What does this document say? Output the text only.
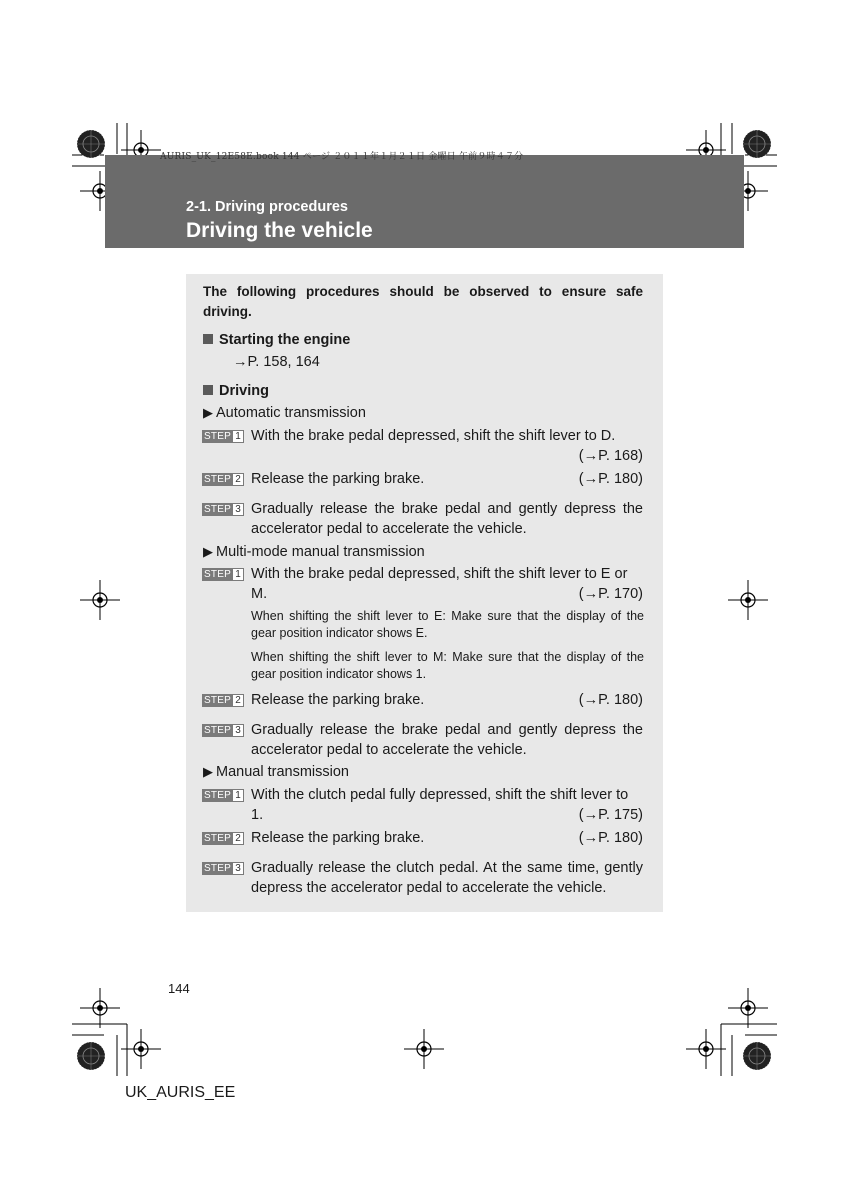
AURIS_UK_12E58E.book 144 ページ ２０１１年１月２１日 金曜日 午前９時４７分
2-1. Driving procedures
Driving the vehicle
The following procedures should be observed to ensure safe driving.
Starting the engine
→P. 158, 164
Driving
▶ Automatic transmission
STEP 1 With the brake pedal depressed, shift the shift lever to D.
(→P. 168)
STEP 2 Release the parking brake.	(→P. 180)
STEP 3 Gradually release the brake pedal and gently depress the accelerator pedal to accelerate the vehicle.
▶ Multi-mode manual transmission
STEP 1 With the brake pedal depressed, shift the shift lever to E or
M.	(→P. 170)
When shifting the shift lever to E: Make sure that the display of the gear position indicator shows E.
When shifting the shift lever to M: Make sure that the display of the gear position indicator shows 1.
STEP 2 Release the parking brake.	(→P. 180)
STEP 3 Gradually release the brake pedal and gently depress the accelerator pedal to accelerate the vehicle.
▶ Manual transmission
STEP 1 With the clutch pedal fully depressed, shift the shift lever to
1.	(→P. 175)
STEP 2 Release the parking brake.	(→P. 180)
STEP 3 Gradually release the clutch pedal. At the same time, gently depress the accelerator pedal to accelerate the vehicle.
144
UK_AURIS_EE
